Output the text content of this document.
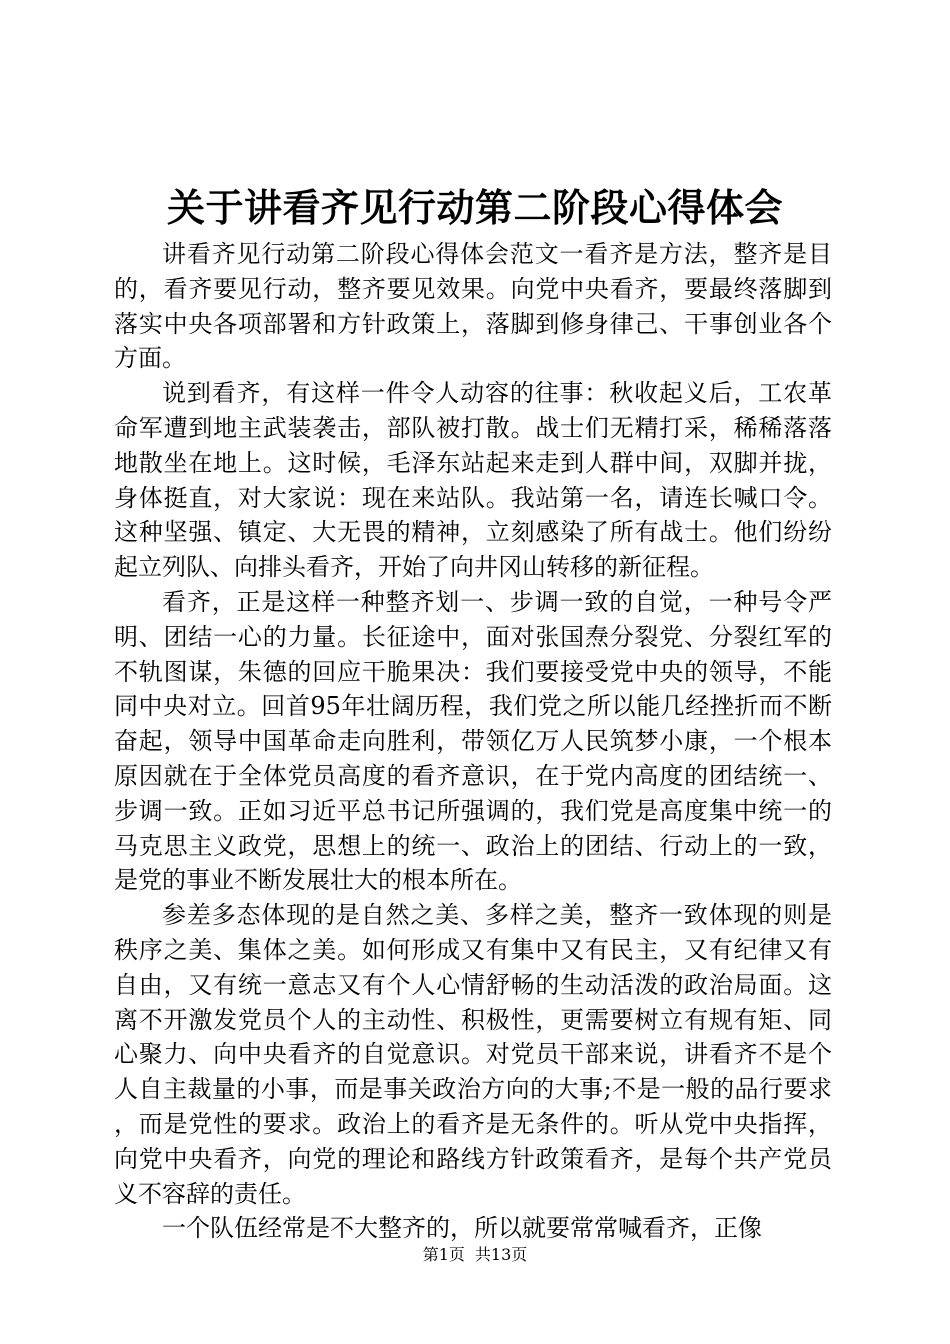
关于讲看齐见行动第二阶段心得体会

讲看齐见行动第二阶段心得体会范文一看齐是方法，整齐是目的，看齐要见行动，整齐要见效果。向党中央看齐，要最终落脚到落实中央各项部署和方针政策上，落脚到修身律己、干事创业各个方面。

说到看齐，有这样一件令人动容的往事：秋收起义后，工农革命军遭到地主武装袭击，部队被打散。战士们无精打采，稀稀落落地散坐在地上。这时候，毛泽东站起来走到人群中间，双脚并拢，身体挺直，对大家说：现在来站队。我站第一名，请连长喊口令。这种坚强、镇定、大无畏的精神，立刻感染了所有战士。他们纷纷起立列队、向排头看齐，开始了向井冈山转移的新征程。

看齐，正是这样一种整齐划一、步调一致的自觉，一种号令严明、团结一心的力量。长征途中，面对张国焘分裂党、分裂红军的不轨图谋，朱德的回应干脆果决：我们要接受党中央的领导，不能同中央对立。回首95年壮阔历程，我们党之所以能几经挫折而不断奋起，领导中国革命走向胜利，带领亿万人民筑梦小康，一个根本原因就在于全体党员高度的看齐意识，在于党内高度的团结统一、步调一致。正如习近平总书记所强调的，我们党是高度集中统一的马克思主义政党，思想上的统一、政治上的团结、行动上的一致，是党的事业不断发展壮大的根本所在。

参差多态体现的是自然之美、多样之美，整齐一致体现的则是秩序之美、集体之美。如何形成又有集中又有民主，又有纪律又有自由，又有统一意志又有个人心情舒畅的生动活泼的政治局面。这离不开激发党员个人的主动性、积极性，更需要树立有规有矩、同心聚力、向中央看齐的自觉意识。对党员干部来说，讲看齐不是个人自主裁量的小事，而是事关政治方向的大事;不是一般的品行要求，而是党性的要求。政治上的看齐是无条件的。听从党中央指挥，向党中央看齐，向党的理论和路线方针政策看齐，是每个共产党员义不容辞的责任。

一个队伍经常是不大整齐的，所以就要常常喊看齐，正像

第1页 共13页
